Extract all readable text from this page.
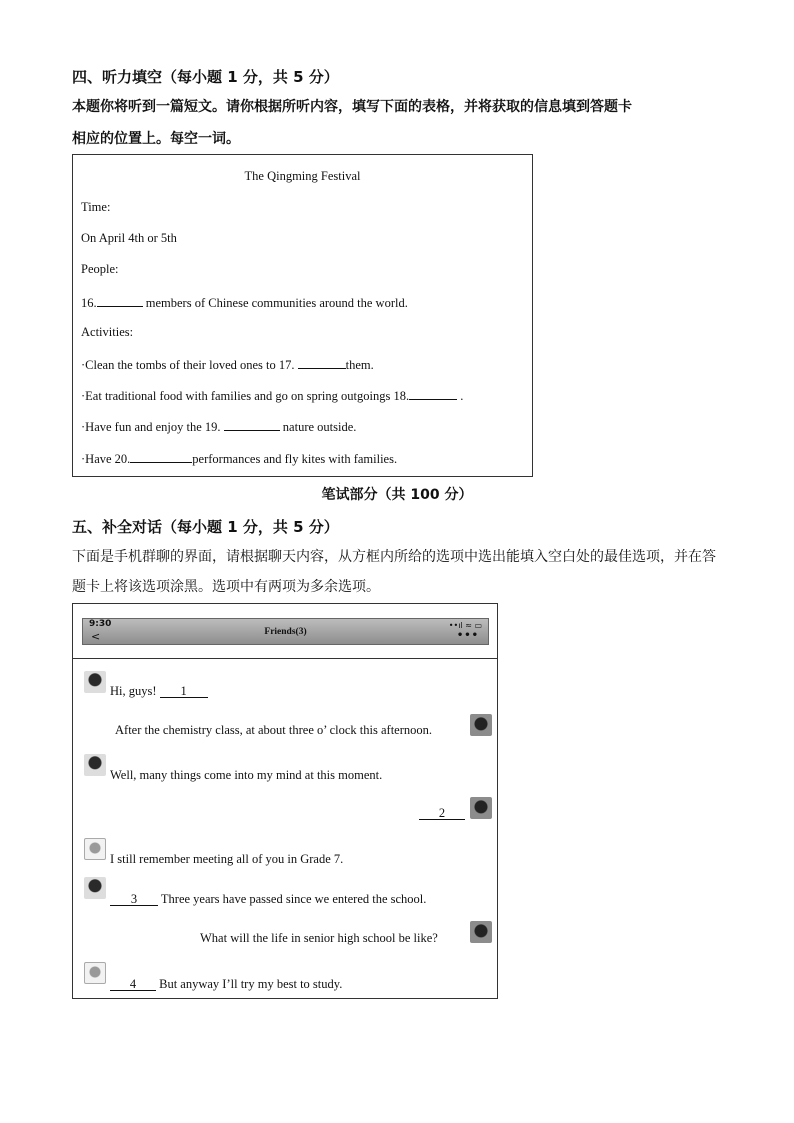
四、听力填空（每小题 1 分，共 5 分）
本题你将听到一篇短文。请你根据所听内容，填写下面的表格，并将获取的信息填到答题卡
相应的位置上。每空一词。
The Qingming Festival
Time:
On April 4th or 5th
People:
16.	members of Chinese communities around the world.
Activities:
·Clean the tombs of their loved ones to 17.	them.
·Eat traditional food with families and go on spring outgoings 18.	.
·Have fun and enjoy the 19.	nature outside.
·Have 20.	performances and fly kites with families.
笔试部分（共 100 分）
五、补全对话（每小题 1 分，共 5 分）
下面是手机群聊的界面，请根据聊天内容，从方框内所给的选项中选出能填入空白处的最佳选项，并在答
题卡上将该选项涂黑。选项中有两项为多余选项。
9:30
<	Friends(3)
••ıl ≈ ▭
•••
Hi, guys! 1
After the chemistry class, at about three o’ clock this afternoon.
Well, many things come into my mind at this moment.
2
I still remember meeting all of you in Grade 7.
3 Three years have passed since we entered the school.
What will the life in senior high school be like?
4 But anyway I’ll try my best to study.
